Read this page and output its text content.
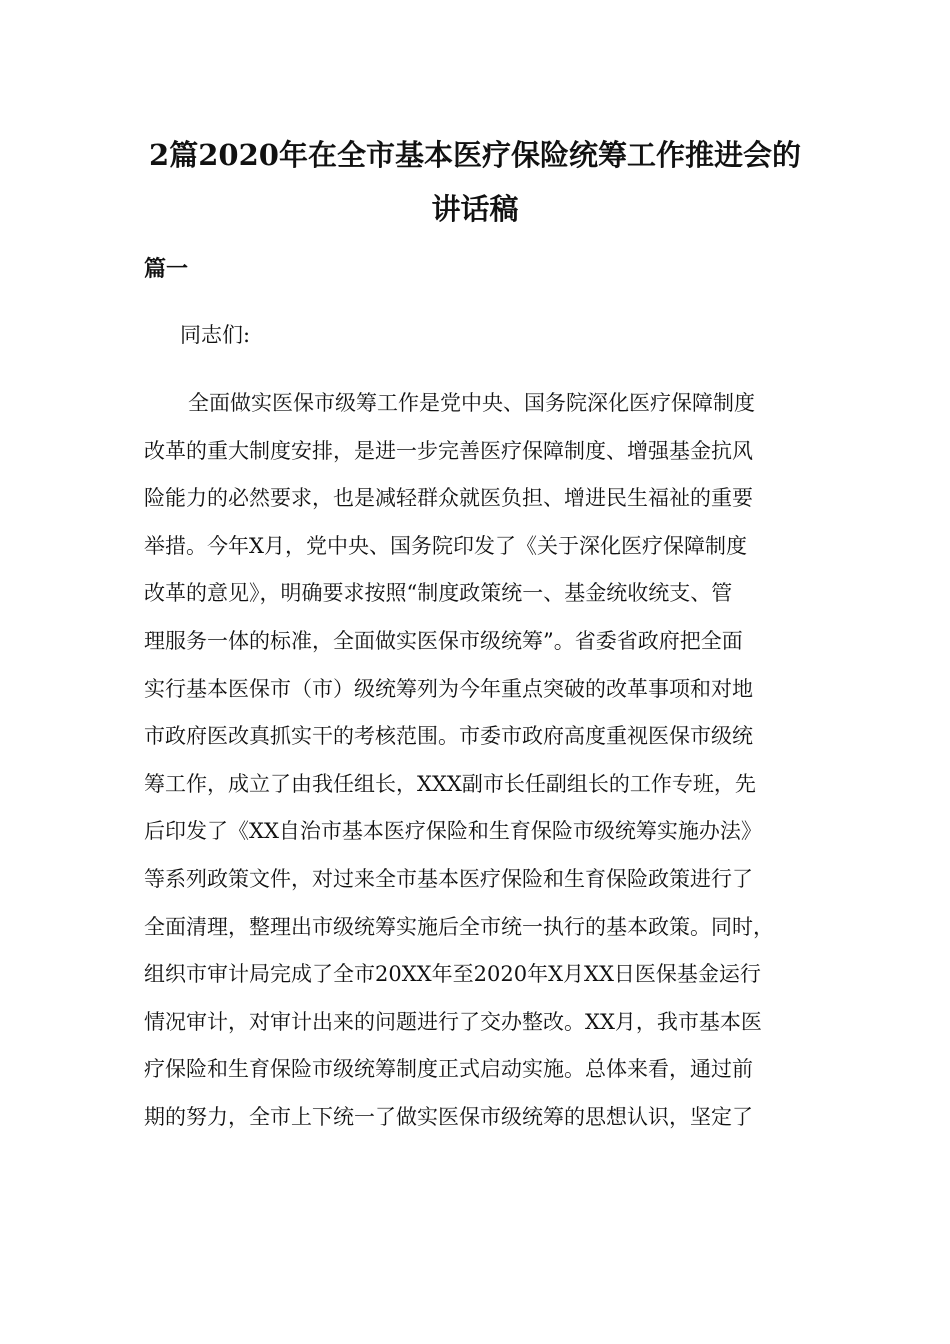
2篇2020年在全市基本医疗保险统筹工作推进会的
讲话稿
篇一
同志们:
全面做实医保市级筹工作是党中央、国务院深化医疗保障制度
改革的重大制度安排，是进一步完善医疗保障制度、增强基金抗风
险能力的必然要求，也是减轻群众就医负担、增进民生福祉的重要
举措。今年X月，党中央、国务院印发了《关于深化医疗保障制度
改革的意见》，明确要求按照“制度政策统一、基金统收统支、管
理服务一体的标准，全面做实医保市级统筹”。省委省政府把全面
实行基本医保市（市）级统筹列为今年重点突破的改革事项和对地
市政府医改真抓实干的考核范围。市委市政府高度重视医保市级统
筹工作，成立了由我任组长，XXX副市长任副组长的工作专班，先
后印发了《XX自治市基本医疗保险和生育保险市级统筹实施办法》
等系列政策文件，对过来全市基本医疗保险和生育保险政策进行了
全面清理，整理出市级统筹实施后全市统一执行的基本政策。同时，
组织市审计局完成了全市20XX年至2020年X月XX日医保基金运行
情况审计，对审计出来的问题进行了交办整改。XX月，我市基本医
疗保险和生育保险市级统筹制度正式启动实施。总体来看，通过前
期的努力，全市上下统一了做实医保市级统筹的思想认识，坚定了
